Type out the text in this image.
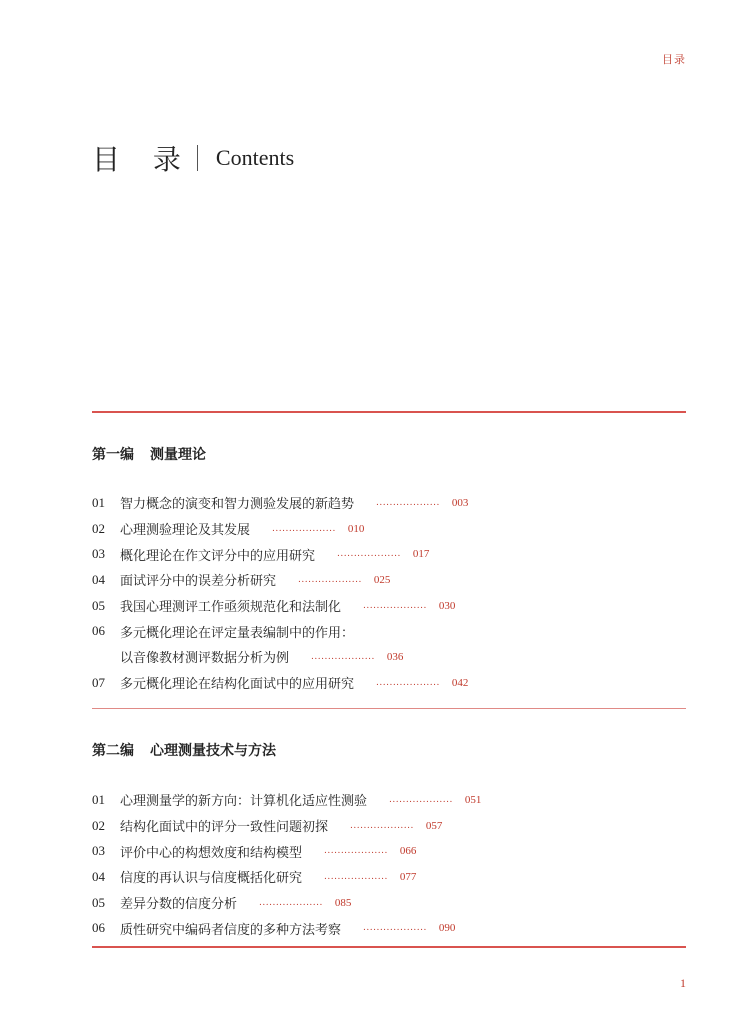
目录
目 录 Contents
第一编 测量理论
01	智力概念的演变和智力测验发展的新趋势 ................... 003
02	心理测验理论及其发展 ................... 010
03	概化理论在作文评分中的应用研究 ................... 017
04	面试评分中的误差分析研究 ................... 025
05	我国心理测评工作亟须规范化和法制化 ................... 030
06	多元概化理论在评定量表编制中的作用：
以音像教材测评数据分析为例 ................... 036
07	多元概化理论在结构化面试中的应用研究 ................... 042
第二编 心理测量技术与方法
01	心理测量学的新方向：计算机化适应性测验 ................... 051
02	结构化面试中的评分一致性问题初探 ................... 057
03	评价中心的构想效度和结构模型 ................... 066
04	信度的再认识与信度概括化研究 ................... 077
05	差异分数的信度分析 ................... 085
06	质性研究中编码者信度的多种方法考察 ................... 090
1
